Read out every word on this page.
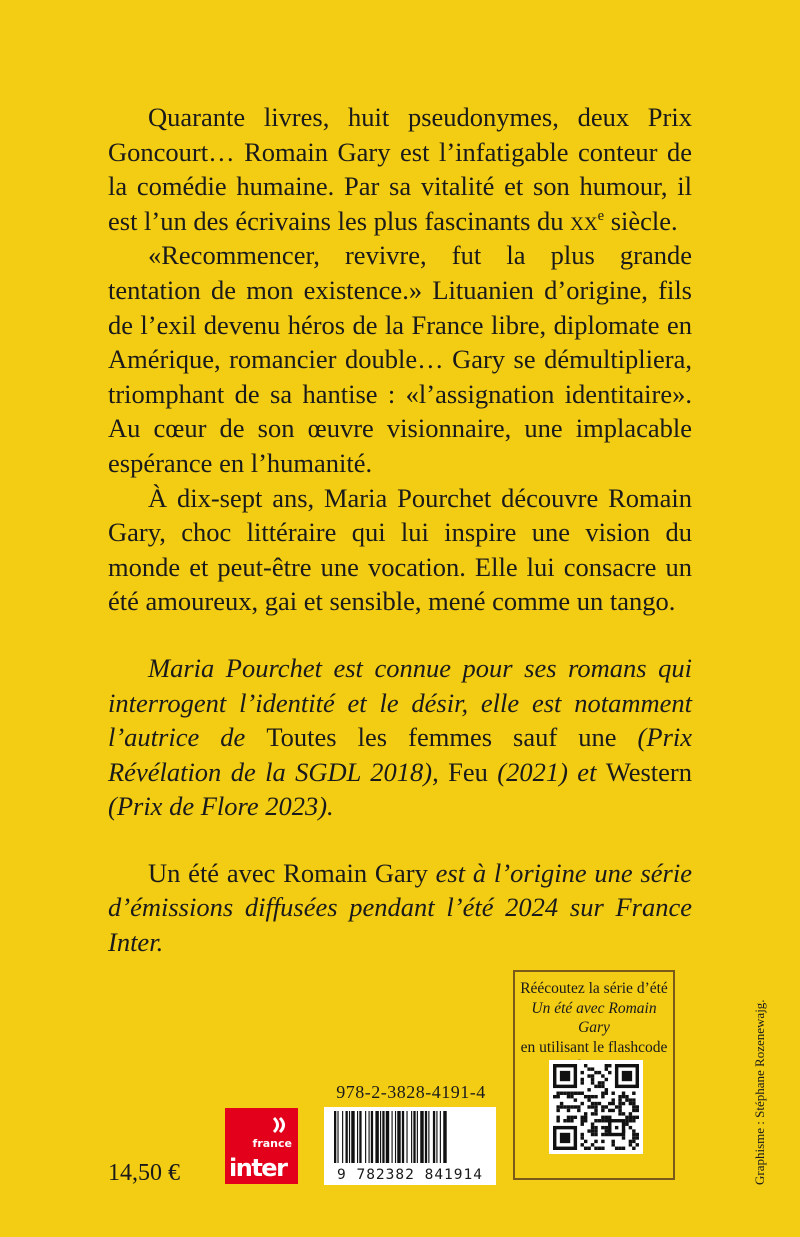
Quarante livres, huit pseudonymes, deux Prix Goncourt… Romain Gary est l’infatigable conteur de la comédie humaine. Par sa vitalité et son humour, il est l’un des écrivains les plus fascinants du $xx^e$ siècle.

«Recommencer, revivre, fut la plus grande tentation de mon existence.» Lituanien d’origine, fils de l’exil devenu héros de la France libre, diplomate en Amérique, romancier double… Gary se démultipliera, triomphant de sa hantise : «l’assignation identitaire». Au cœur de son œuvre visionnaire, une implacable espérance en l’humanité.

À dix-sept ans, Maria Pourchet découvre Romain Gary, choc littéraire qui lui inspire une vision du monde et peut-être une vocation. Elle lui consacre un été amoureux, gai et sensible, mené comme un tango.

Maria Pourchet est connue pour ses romans qui interrogent l’identité et le désir, elle est notamment l’autrice de Toutes les femmes sauf une (Prix Révélation de la SGDL 2018), Feu (2021) et Western (Prix de Flore 2023).

Un été avec Romain Gary est à l’origine une série d’émissions diffusées pendant l’été 2024 sur France Inter.

Réécoutez la série d’été
Un été avec Romain Gary
en utilisant le flashcode
978-2-3828-4191-4
9 782382 841914
france
inter
14,50 €	Graphisme : Stéphane Rozenewajg.
